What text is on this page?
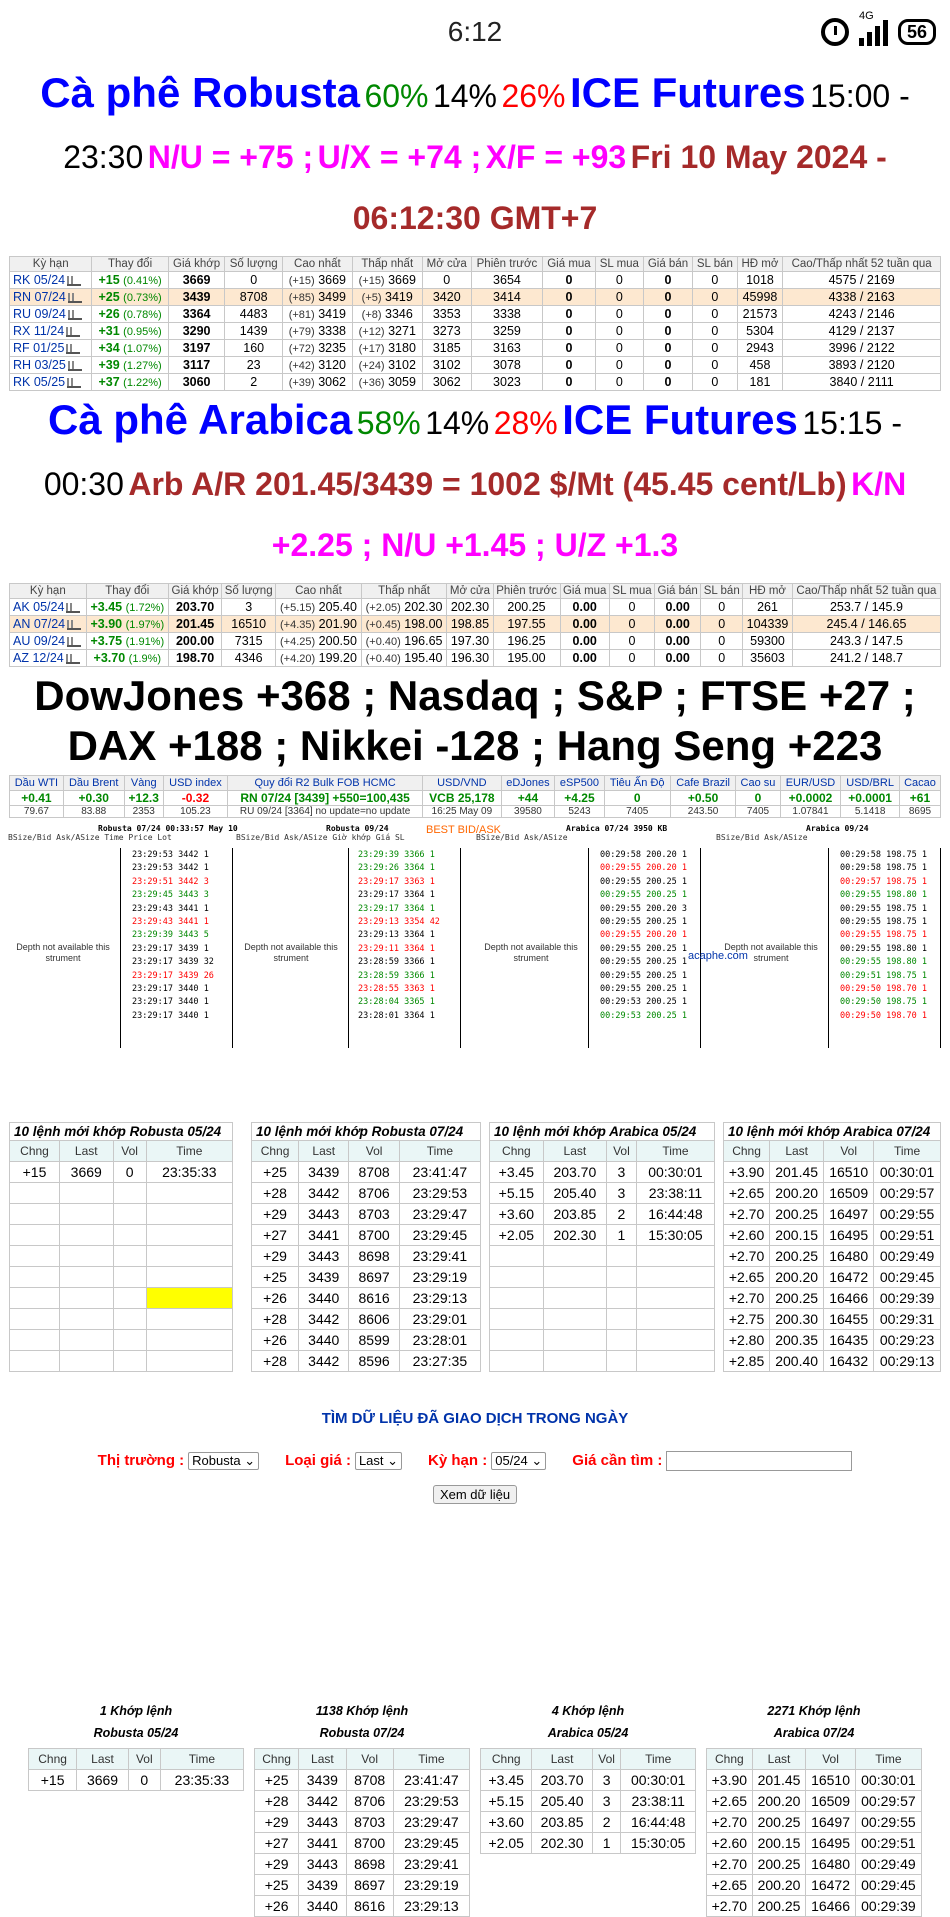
6:12	4G
56
Cà phê Robusta 60% 14% 26% ICE Futures 15:00 - 23:30 N/U = +75 ; U/X = +74 ; X/F = +93 Fri 10 May 2024 - 06:12:30 GMT+7
Kỳ hạn	Thay đổi	Giá khớp	Số lượng	Cao nhất	Thấp nhất	Mở cửa	Phiên trước	Giá mua	SL mua	Giá bán	SL bán	HĐ mở	Cao/Thấp nhất 52 tuần qua
RK 05/24	+15 (0.41%)	3669	0	(+15) 3669	(+15) 3669	0	3654	0	0	0	0	1018	4575 / 2169
RN 07/24	+25 (0.73%)	3439	8708	(+85) 3499	(+5) 3419	3420	3414	0	0	0	0	45998	4338 / 2163
RU 09/24	+26 (0.78%)	3364	4483	(+81) 3419	(+8) 3346	3353	3338	0	0	0	0	21573	4243 / 2146
RX 11/24	+31 (0.95%)	3290	1439	(+79) 3338	(+12) 3271	3273	3259	0	0	0	0	5304	4129 / 2137
RF 01/25	+34 (1.07%)	3197	160	(+72) 3235	(+17) 3180	3185	3163	0	0	0	0	2943	3996 / 2122
RH 03/25	+39 (1.27%)	3117	23	(+42) 3120	(+24) 3102	3102	3078	0	0	0	0	458	3893 / 2120
RK 05/25	+37 (1.22%)	3060	2	(+39) 3062	(+36) 3059	3062	3023	0	0	0	0	181	3840 / 2111
Cà phê Arabica 58% 14% 28% ICE Futures 15:15 - 00:30 Arb A/R 201.45/3439 = 1002 $/Mt (45.45 cent/Lb) K/N +2.25 ; N/U +1.45 ; U/Z +1.3
Kỳ hạn	Thay đổi	Giá khớp	Số lượng	Cao nhất	Thấp nhất	Mở cửa	Phiên trước	Giá mua	SL mua	Giá bán	SL bán	HĐ mở	Cao/Thấp nhất 52 tuần qua
AK 05/24	+3.45 (1.72%)	203.70	3	(+5.15) 205.40	(+2.05) 202.30	202.30	200.25	0.00	0	0.00	0	261	253.7 / 145.9
AN 07/24	+3.90 (1.97%)	201.45	16510	(+4.35) 201.90	(+0.45) 198.00	198.85	197.55	0.00	0	0.00	0	104339	245.4 / 146.65
AU 09/24	+3.75 (1.91%)	200.00	7315	(+4.25) 200.50	(+0.40) 196.65	197.30	196.25	0.00	0	0.00	0	59300	243.3 / 147.5
AZ 12/24	+3.70 (1.9%)	198.70	4346	(+4.20) 199.20	(+0.40) 195.40	196.30	195.00	0.00	0	0.00	0	35603	241.2 / 148.7
DowJones +368 ; Nasdaq ; S&P ; FTSE +27 ;
DAX +188 ; Nikkei -128 ; Hang Seng +223
Dầu WTI	Dầu Brent	Vàng	USD index	Quy đổi R2 Bulk FOB HCMC	USD/VND	eDJones	eSP500	Tiêu Ấn Độ	Cafe Brazil	Cao su	EUR/USD	USD/BRL	Cacao
+0.41	+0.30	+12.3	-0.32	RN 07/24 [3439] +550=100,435	VCB 25,178	+44	+4.25	0	+0.50	0	+0.0002	+0.0001	+61
79.67	83.88	2353	105.23	RU 09/24 [3364] no update=no update	16:25 May 09	39580	5243	7405	243.50	7405	1.07841	5.1418	8695
BEST BID/ASK
Robusta 07/24 00:33:57 May 10
BSize/Bid Ask/ASize Time Price Lot
Depth not available this strument
23:29:53 3442 1
23:29:53 3442 1
23:29:51 3442 3
23:29:45 3443 3
23:29:43 3441 1
23:29:43 3441 1
23:29:39 3443 5
23:29:17 3439 1
23:29:17 3439 32
23:29:17 3439 26
23:29:17 3440 1
23:29:17 3440 1
23:29:17 3440 1
Robusta 09/24
BSize/Bid Ask/ASize Giờ khớp Giá SL
Depth not available this strument
23:29:39 3366 1
23:29:26 3364 1
23:29:17 3363 1
23:29:17 3364 1
23:29:17 3364 1
23:29:13 3354 42
23:29:13 3364 1
23:29:11 3364 1
23:28:59 3366 1
23:28:59 3366 1
23:28:55 3363 1
23:28:04 3365 1
23:28:01 3364 1
Arabica 07/24 3950 KB
BSize/Bid Ask/ASize
Depth not available this strument
00:29:58 200.20 1
00:29:55 200.20 1
00:29:55 200.25 1
00:29:55 200.25 1
00:29:55 200.20 3
00:29:55 200.25 1
00:29:55 200.20 1
00:29:55 200.25 1
00:29:55 200.25 1
00:29:55 200.25 1
00:29:55 200.25 1
00:29:53 200.25 1
00:29:53 200.25 1
Arabica 09/24
BSize/Bid Ask/ASize
Depth not available this strument
00:29:58 198.75 1
00:29:58 198.75 1
00:29:57 198.75 1
00:29:55 198.80 1
00:29:55 198.75 1
00:29:55 198.75 1
00:29:55 198.75 1
00:29:55 198.80 1
00:29:55 198.80 1
00:29:51 198.75 1
00:29:50 198.70 1
00:29:50 198.75 1
00:29:50 198.70 1
acaphe.com
10 lệnh mới khớp Robusta 05/24			
Chng	Last	Vol	Time
+15	3669	0	23:35:33

10 lệnh mới khớp Robusta 07/24			
Chng	Last	Vol	Time
+25	3439	8708	23:41:47
+28	3442	8706	23:29:53
+29	3443	8703	23:29:47
+27	3441	8700	23:29:45
+29	3443	8698	23:29:41
+25	3439	8697	23:29:19
+26	3440	8616	23:29:13
+28	3442	8606	23:29:01
+26	3440	8599	23:28:01
+28	3442	8596	23:27:35
10 lệnh mới khớp Arabica 05/24			
Chng	Last	Vol	Time
+3.45	203.70	3	00:30:01
+5.15	205.40	3	23:38:11
+3.60	203.85	2	16:44:48
+2.05	202.30	1	15:30:05

10 lệnh mới khớp Arabica 07/24			
Chng	Last	Vol	Time
+3.90	201.45	16510	00:30:01
+2.65	200.20	16509	00:29:57
+2.70	200.25	16497	00:29:55
+2.60	200.15	16495	00:29:51
+2.70	200.25	16480	00:29:49
+2.65	200.20	16472	00:29:45
+2.70	200.25	16466	00:29:39
+2.75	200.30	16455	00:29:31
+2.80	200.35	16435	00:29:23
+2.85	200.40	16432	00:29:13
TÌM DỮ LIỆU ĐÃ GIAO DỊCH TRONG NGÀY
Thị trường : Robusta ⌄	Loại giá : Last ⌄	Kỳ hạn : 05/24 ⌄	Giá cần tìm :
Xem dữ liệu
1 Khớp lệnh
Robusta 05/24
Chng	Last	Vol	Time
+15	3669	0	23:35:33
1138 Khớp lệnh
Robusta 07/24
Chng	Last	Vol	Time
+25	3439	8708	23:41:47
+28	3442	8706	23:29:53
+29	3443	8703	23:29:47
+27	3441	8700	23:29:45
+29	3443	8698	23:29:41
+25	3439	8697	23:29:19
+26	3440	8616	23:29:13
4 Khớp lệnh
Arabica 05/24
Chng	Last	Vol	Time
+3.45	203.70	3	00:30:01
+5.15	205.40	3	23:38:11
+3.60	203.85	2	16:44:48
+2.05	202.30	1	15:30:05
2271 Khớp lệnh
Arabica 07/24
Chng	Last	Vol	Time
+3.90	201.45	16510	00:30:01
+2.65	200.20	16509	00:29:57
+2.70	200.25	16497	00:29:55
+2.60	200.15	16495	00:29:51
+2.70	200.25	16480	00:29:49
+2.65	200.20	16472	00:29:45
+2.70	200.25	16466	00:29:39
